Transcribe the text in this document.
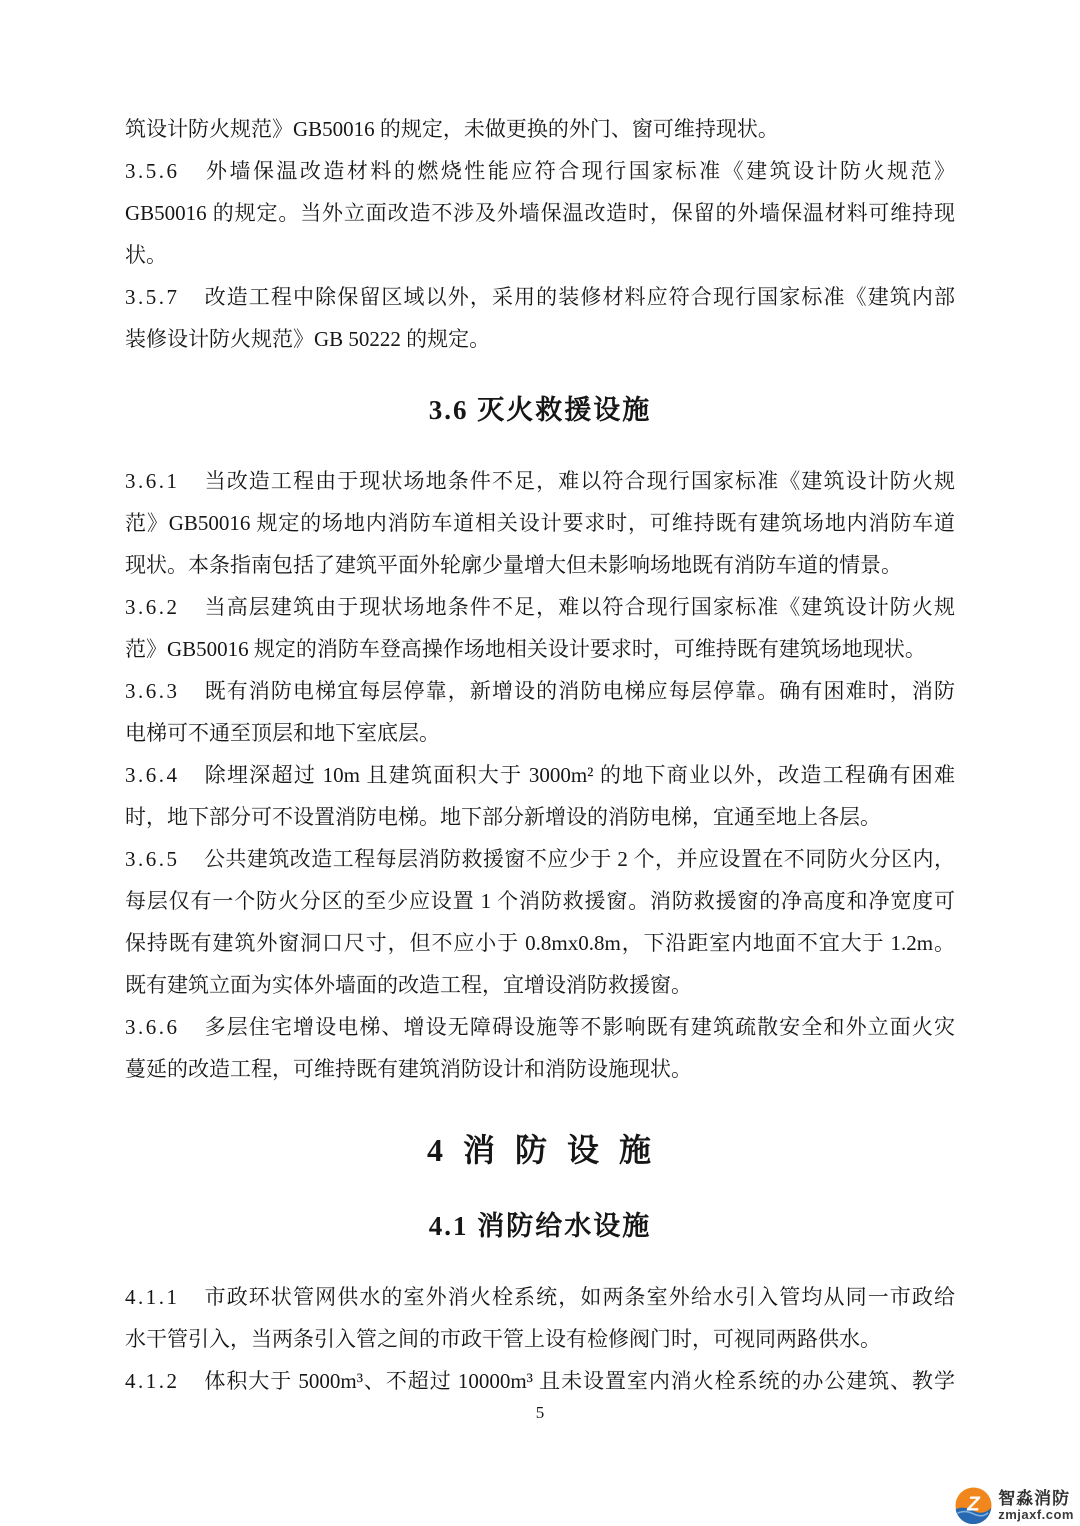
筑设计防火规范》GB50016 的规定，未做更换的外门、窗可维持现状。

3.5.6 外墙保温改造材料的燃烧性能应符合现行国家标准《建筑设计防火规范》

GB50016 的规定。当外立面改造不涉及外墙保温改造时，保留的外墙保温材料可维持现

状。

3.5.7 改造工程中除保留区域以外，采用的装修材料应符合现行国家标准《建筑内部

装修设计防火规范》GB 50222 的规定。

3.6 灭火救援设施

3.6.1 当改造工程由于现状场地条件不足，难以符合现行国家标准《建筑设计防火规

范》GB50016 规定的场地内消防车道相关设计要求时，可维持既有建筑场地内消防车道

现状。本条指南包括了建筑平面外轮廓少量增大但未影响场地既有消防车道的情景。

3.6.2 当高层建筑由于现状场地条件不足，难以符合现行国家标准《建筑设计防火规

范》GB50016 规定的消防车登高操作场地相关设计要求时，可维持既有建筑场地现状。

3.6.3 既有消防电梯宜每层停靠，新增设的消防电梯应每层停靠。确有困难时，消防

电梯可不通至顶层和地下室底层。

3.6.4 除埋深超过 10m 且建筑面积大于 3000m² 的地下商业以外，改造工程确有困难

时，地下部分可不设置消防电梯。地下部分新增设的消防电梯，宜通至地上各层。

3.6.5 公共建筑改造工程每层消防救援窗不应少于 2 个，并应设置在不同防火分区内，

每层仅有一个防火分区的至少应设置 1 个消防救援窗。消防救援窗的净高度和净宽度可

保持既有建筑外窗洞口尺寸，但不应小于 0.8mx0.8m，下沿距室内地面不宜大于 1.2m。

既有建筑立面为实体外墙面的改造工程，宜增设消防救援窗。

3.6.6 多层住宅增设电梯、增设无障碍设施等不影响既有建筑疏散安全和外立面火灾

蔓延的改造工程，可维持既有建筑消防设计和消防设施现状。

4 消 防 设 施

4.1 消防给水设施

4.1.1 市政环状管网供水的室外消火栓系统，如两条室外给水引入管均从同一市政给

水干管引入，当两条引入管之间的市政干管上设有检修阀门时，可视同两路供水。

4.1.2 体积大于 5000m³、不超过 10000m³ 且未设置室内消火栓系统的办公建筑、教学

5
Z 智淼消防
zmjaxf.com
